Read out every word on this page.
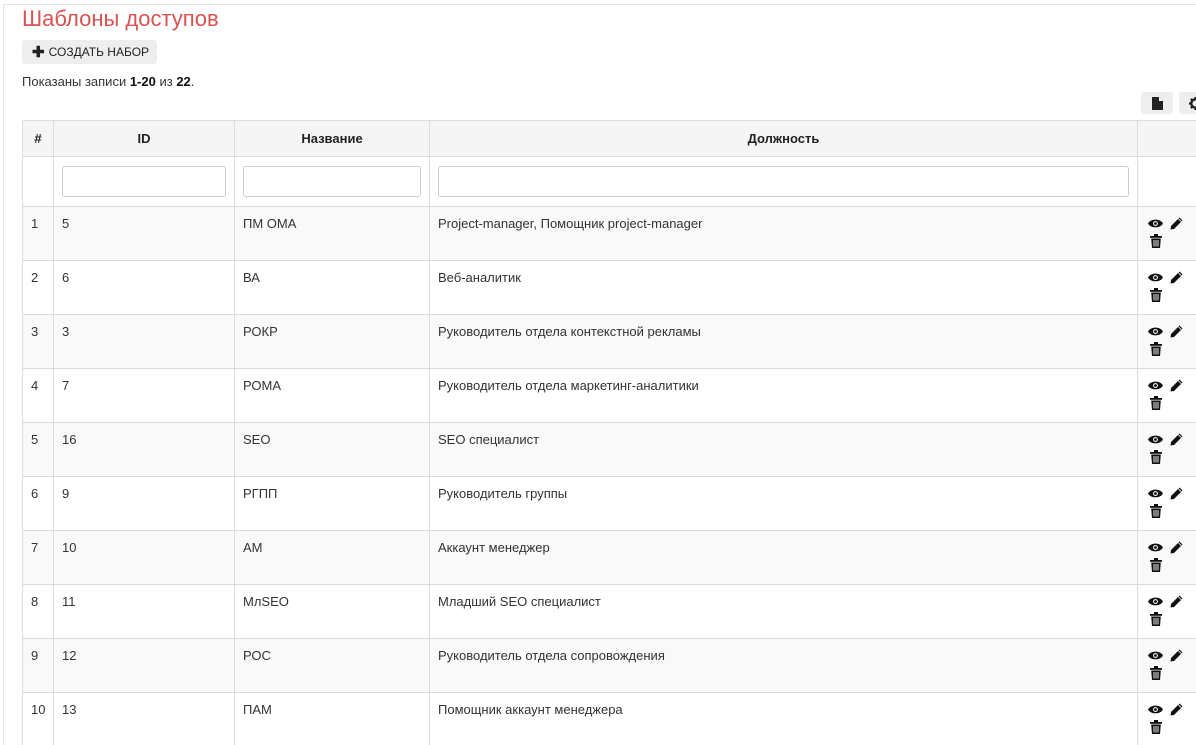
Шаблоны доступов
✚ СОЗДАТЬ НАБОР
Показаны записи 1-20 из 22.
#	ID	Название	Должность	

1	5	ПМ ОМА	Project-manager, Помощник project-manager	

2	6	ВА	Веб-аналитик	

3	3	РОКР	Руководитель отдела контекстной рекламы	

4	7	РОМА	Руководитель отдела маркетинг-аналитики	

5	16	SEO	SEO специалист	

6	9	РГПП	Руководитель группы	

7	10	АМ	Аккаунт менеджер	

8	11	МлSEO	Младший SEO специалист	

9	12	РОС	Руководитель отдела сопровождения	

10	13	ПАМ	Помощник аккаунт менеджера	
